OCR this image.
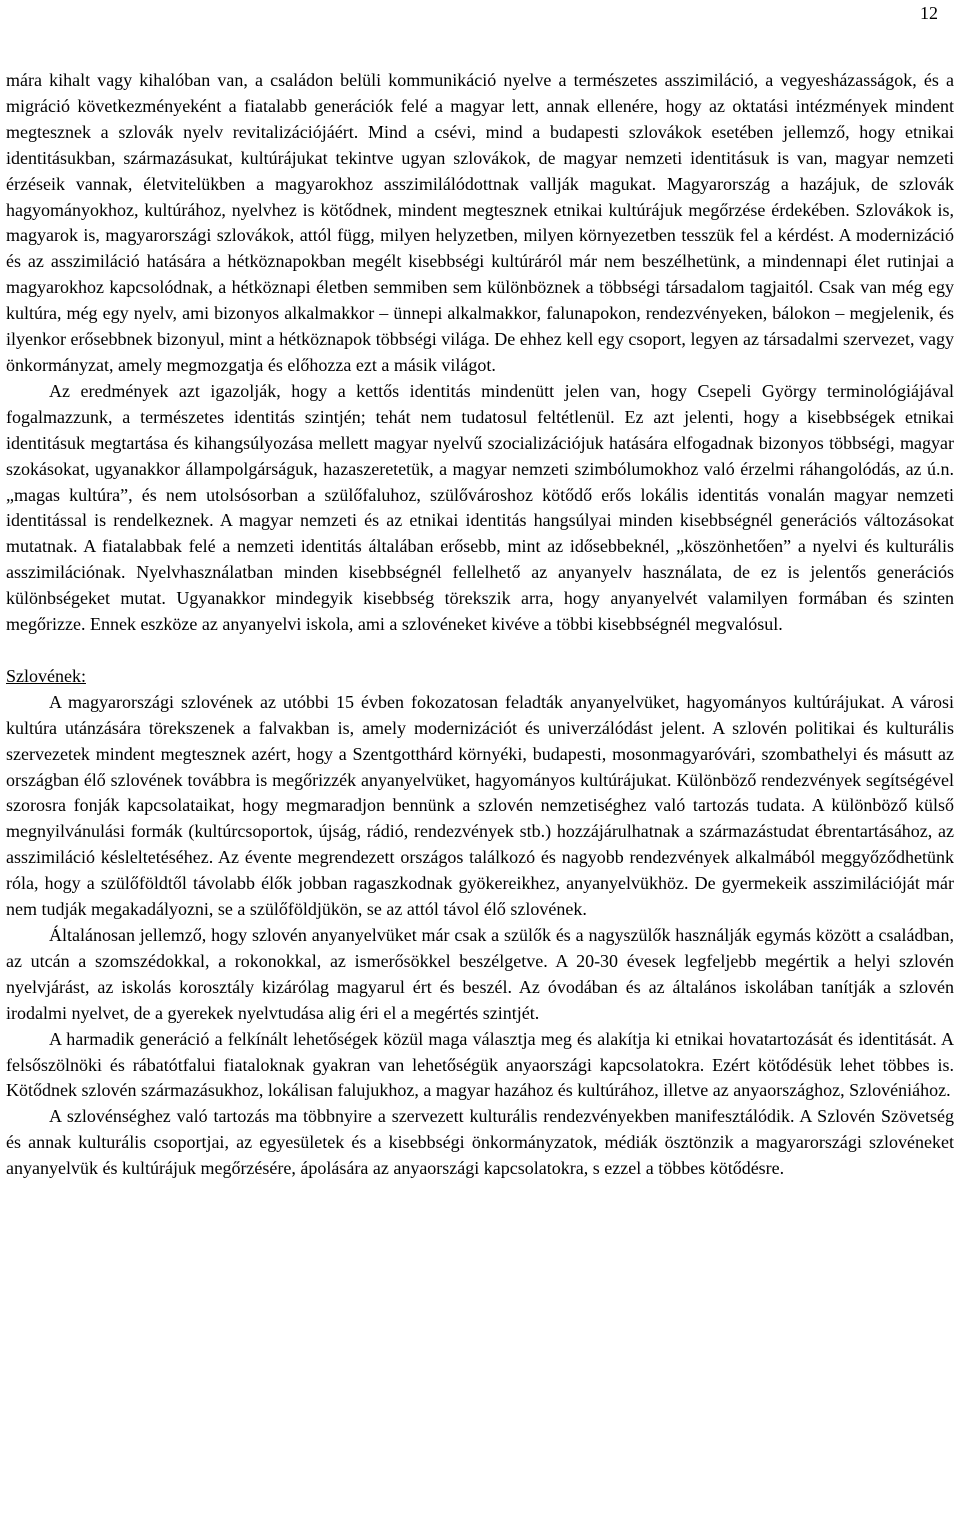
12

mára kihalt vagy kihalóban van, a családon belüli kommunikáció nyelve a természetes asszimiláció, a vegyesházasságok, és a migráció következményeként a fiatalabb generációk felé a magyar lett, annak ellenére, hogy az oktatási intézmények mindent megtesznek a szlovák nyelv revitalizációjáért. Mind a csévi, mind a budapesti szlovákok esetében jellemző, hogy etnikai identitásukban, származásukat, kultúrájukat tekintve ugyan szlovákok, de magyar nemzeti identitásuk is van, magyar nemzeti érzéseik vannak, életvitelükben a magyarokhoz asszimilálódottnak vallják magukat. Magyarország a hazájuk, de szlovák hagyományokhoz, kultúrához, nyelvhez is kötődnek, mindent megtesznek etnikai kultúrájuk megőrzése érdekében. Szlovákok is, magyarok is, magyarországi szlovákok, attól függ, milyen helyzetben, milyen környezetben tesszük fel a kérdést. A modernizáció és az asszimiláció hatására a hétköznapokban megélt kisebbségi kultúráról már nem beszélhetünk, a mindennapi élet rutinjai a magyarokhoz kapcsolódnak, a hétköznapi életben semmiben sem különböznek a többségi társadalom tagjaitól. Csak van még egy kultúra, még egy nyelv, ami bizonyos alkalmakkor – ünnepi alkalmakkor, falunapokon, rendezvényeken, bálokon – megjelenik, és ilyenkor erősebbnek bizonyul, mint a hétköznapok többségi világa. De ehhez kell egy csoport, legyen az társadalmi szervezet, vagy önkormányzat, amely megmozgatja és előhozza ezt a másik világot.

Az eredmények azt igazolják, hogy a kettős identitás mindenütt jelen van, hogy Csepeli György terminológiájával fogalmazzunk, a természetes identitás szintjén; tehát nem tudatosul feltétlenül. Ez azt jelenti, hogy a kisebbségek etnikai identitásuk megtartása és kihangsúlyozása mellett magyar nyelvű szocializációjuk hatására elfogadnak bizonyos többségi, magyar szokásokat, ugyanakkor állampolgárságuk, hazaszeretetük, a magyar nemzeti szimbólumokhoz való érzelmi ráhangolódás, az ú.n. „magas kultúra”, és nem utolsósorban a szülőfaluhoz, szülővároshoz kötődő erős lokális identitás vonalán magyar nemzeti identitással is rendelkeznek. A magyar nemzeti és az etnikai identitás hangsúlyai minden kisebbségnél generációs változásokat mutatnak. A fiatalabbak felé a nemzeti identitás általában erősebb, mint az idősebbeknél, „köszönhetően” a nyelvi és kulturális asszimilációnak. Nyelvhasználatban minden kisebbségnél fellelhető az anyanyelv használata, de ez is jelentős generációs különbségeket mutat. Ugyanakkor mindegyik kisebbség törekszik arra, hogy anyanyelvét valamilyen formában és szinten megőrizze. Ennek eszköze az anyanyelvi iskola, ami a szlovéneket kivéve a többi kisebbségnél megvalósul.

Szlovének:

A magyarországi szlovének az utóbbi 15 évben fokozatosan feladták anyanyelvüket, hagyományos kultúrájukat. A városi kultúra utánzására törekszenek a falvakban is, amely modernizációt és univerzálódást jelent. A szlovén politikai és kulturális szervezetek mindent megtesznek azért, hogy a Szentgotthárd környéki, budapesti, mosonmagyaróvári, szombathelyi és másutt az országban élő szlovének továbbra is megőrizzék anyanyelvüket, hagyományos kultúrájukat. Különböző rendezvények segítségével szorosra fonják kapcsolataikat, hogy megmaradjon bennünk a szlovén nemzetiséghez való tartozás tudata. A különböző külső megnyilvánulási formák (kultúrcsoportok, újság, rádió, rendezvények stb.) hozzájárulhatnak a származástudat ébrentartásához, az asszimiláció késleltetéséhez. Az évente megrendezett országos találkozó és nagyobb rendezvények alkalmából meggyőződhetünk róla, hogy a szülőföldtől távolabb élők jobban ragaszkodnak gyökereikhez, anyanyelvükhöz. De gyermekeik asszimilációját már nem tudják megakadályozni, se a szülőföldjükön, se az attól távol élő szlovének.

Általánosan jellemző, hogy szlovén anyanyelvüket már csak a szülők és a nagyszülők használják egymás között a családban, az utcán a szomszédokkal, a rokonokkal, az ismerősökkel beszélgetve. A 20-30 évesek legfeljebb megértik a helyi szlovén nyelvjárást, az iskolás korosztály kizárólag magyarul ért és beszél. Az óvodában és az általános iskolában tanítják a szlovén irodalmi nyelvet, de a gyerekek nyelvtudása alig éri el a megértés szintjét.

A harmadik generáció a felkínált lehetőségek közül maga választja meg és alakítja ki etnikai hovatartozását és identitását. A felsőszölnöki és rábatótfalui fiataloknak gyakran van lehetőségük anyaországi kapcsolatokra. Ezért kötődésük lehet többes is. Kötődnek szlovén származásukhoz, lokálisan falujukhoz, a magyar hazához és kultúrához, illetve az anyaországhoz, Szlovéniához.

A szlovénséghez való tartozás ma többnyire a szervezett kulturális rendezvényekben manifesztálódik. A Szlovén Szövetség és annak kulturális csoportjai, az egyesületek és a kisebbségi önkormányzatok, médiák ösztönzik a magyarországi szlovéneket anyanyelvük és kultúrájuk megőrzésére, ápolására az anyaországi kapcsolatokra, s ezzel a többes kötődésre.
